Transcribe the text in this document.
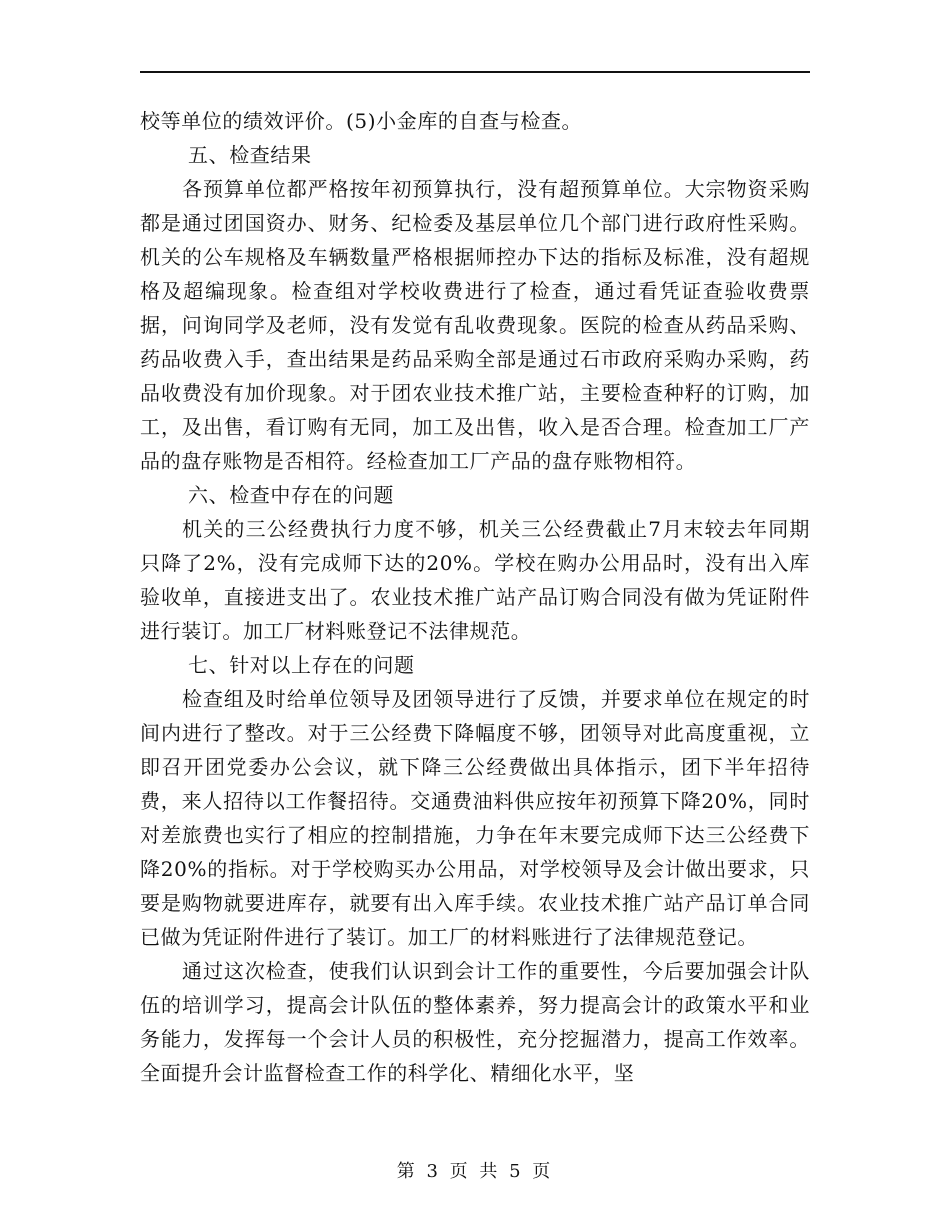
校等单位的绩效评价。(5)小金库的自查与检查。

五、检查结果

各预算单位都严格按年初预算执行，没有超预算单位。大宗物资采购都是通过团国资办、财务、纪检委及基层单位几个部门进行政府性采购。机关的公车规格及车辆数量严格根据师控办下达的指标及标准，没有超规格及超编现象。检查组对学校收费进行了检查，通过看凭证查验收费票据，问询同学及老师，没有发觉有乱收费现象。医院的检查从药品采购、药品收费入手，查出结果是药品采购全部是通过石市政府采购办采购，药品收费没有加价现象。对于团农业技术推广站，主要检查种籽的订购，加工，及出售，看订购有无同，加工及出售，收入是否合理。检查加工厂产品的盘存账物是否相符。经检查加工厂产品的盘存账物相符。

六、检查中存在的问题

机关的三公经费执行力度不够，机关三公经费截止7月末较去年同期只降了2%，没有完成师下达的20%。学校在购办公用品时，没有出入库验收单，直接进支出了。农业技术推广站产品订购合同没有做为凭证附件进行装订。加工厂材料账登记不法律规范。

七、针对以上存在的问题

检查组及时给单位领导及团领导进行了反馈，并要求单位在规定的时间内进行了整改。对于三公经费下降幅度不够，团领导对此高度重视，立即召开团党委办公会议，就下降三公经费做出具体指示，团下半年招待费，来人招待以工作餐招待。交通费油料供应按年初预算下降20%，同时对差旅费也实行了相应的控制措施，力争在年末要完成师下达三公经费下降20%的指标。对于学校购买办公用品，对学校领导及会计做出要求，只要是购物就要进库存，就要有出入库手续。农业技术推广站产品订单合同已做为凭证附件进行了装订。加工厂的材料账进行了法律规范登记。

通过这次检查，使我们认识到会计工作的重要性，今后要加强会计队伍的培训学习，提高会计队伍的整体素养，努力提高会计的政策水平和业务能力，发挥每一个会计人员的积极性，充分挖掘潜力，提高工作效率。全面提升会计监督检查工作的科学化、精细化水平，坚

第 3 页 共 5 页
